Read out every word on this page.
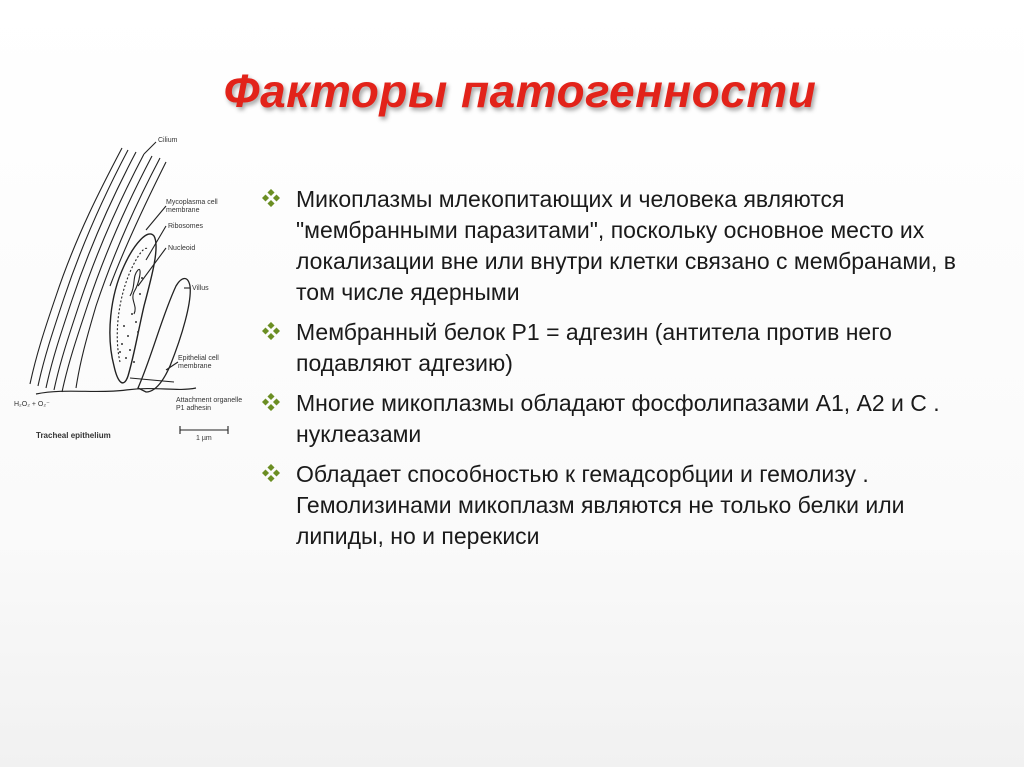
Факторы патогенности
Cilium
Mycoplasma cell
membrane
Ribosomes
Nucleoid
Villus
Epithelial cell
membrane
Attachment organelle
P1 adhesin
H₂O₂ + O₂⁻
Tracheal epithelium	1 µm
Микоплазмы млекопитающих и человека являются "мембранными паразитами", поскольку основное место их локализации вне или внутри клетки связано с мембранами, в том числе ядерными
Мембранный белок Р1 = адгезин (антитела против него подавляют адгезию)
Многие микоплазмы обладают фосфолипазами А1, А2 и С . нуклеазами
Обладает способностью к гемадсорбции и гемолизу . Гемолизинами микоплазм являются не только белки или липиды, но и перекиси
